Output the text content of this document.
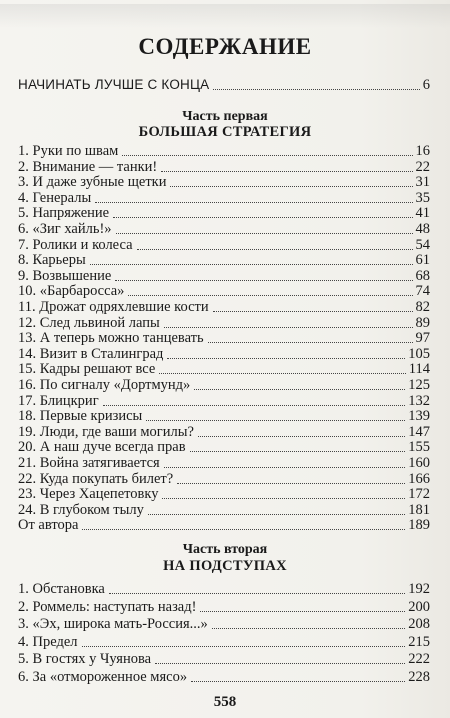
СОДЕРЖАНИЕ
НАЧИНАТЬ ЛУЧШЕ С КОНЦА	6
Часть первая
БОЛЬШАЯ СТРАТЕГИЯ
1. Руки по швам	16
2. Внимание — танки!	22
3. И даже зубные щетки	31
4. Генералы	35
5. Напряжение	41
6. «Зиг хайль!»	48
7. Ролики и колеса	54
8. Карьеры	61
9. Возвышение	68
10. «Барбаросса»	74
11. Дрожат одряхлевшие кости	82
12. След львиной лапы	89
13. А теперь можно танцевать	97
14. Визит в Сталинград	105
15. Кадры решают все	114
16. По сигналу «Дортмунд»	125
17. Блицкриг	132
18. Первые кризисы	139
19. Люди, где ваши могилы?	147
20. А наш дуче всегда прав	155
21. Война затягивается	160
22. Куда покупать билет?	166
23. Через Хацепетовку	172
24. В глубоком тылу	181
От автора	189
Часть вторая
НА ПОДСТУПАХ
1. Обстановка	192
2. Роммель: наступать назад!	200
3. «Эх, широка мать-Россия...»	208
4. Предел	215
5. В гостях у Чуянова	222
6. За «отмороженное мясо»	228
558
